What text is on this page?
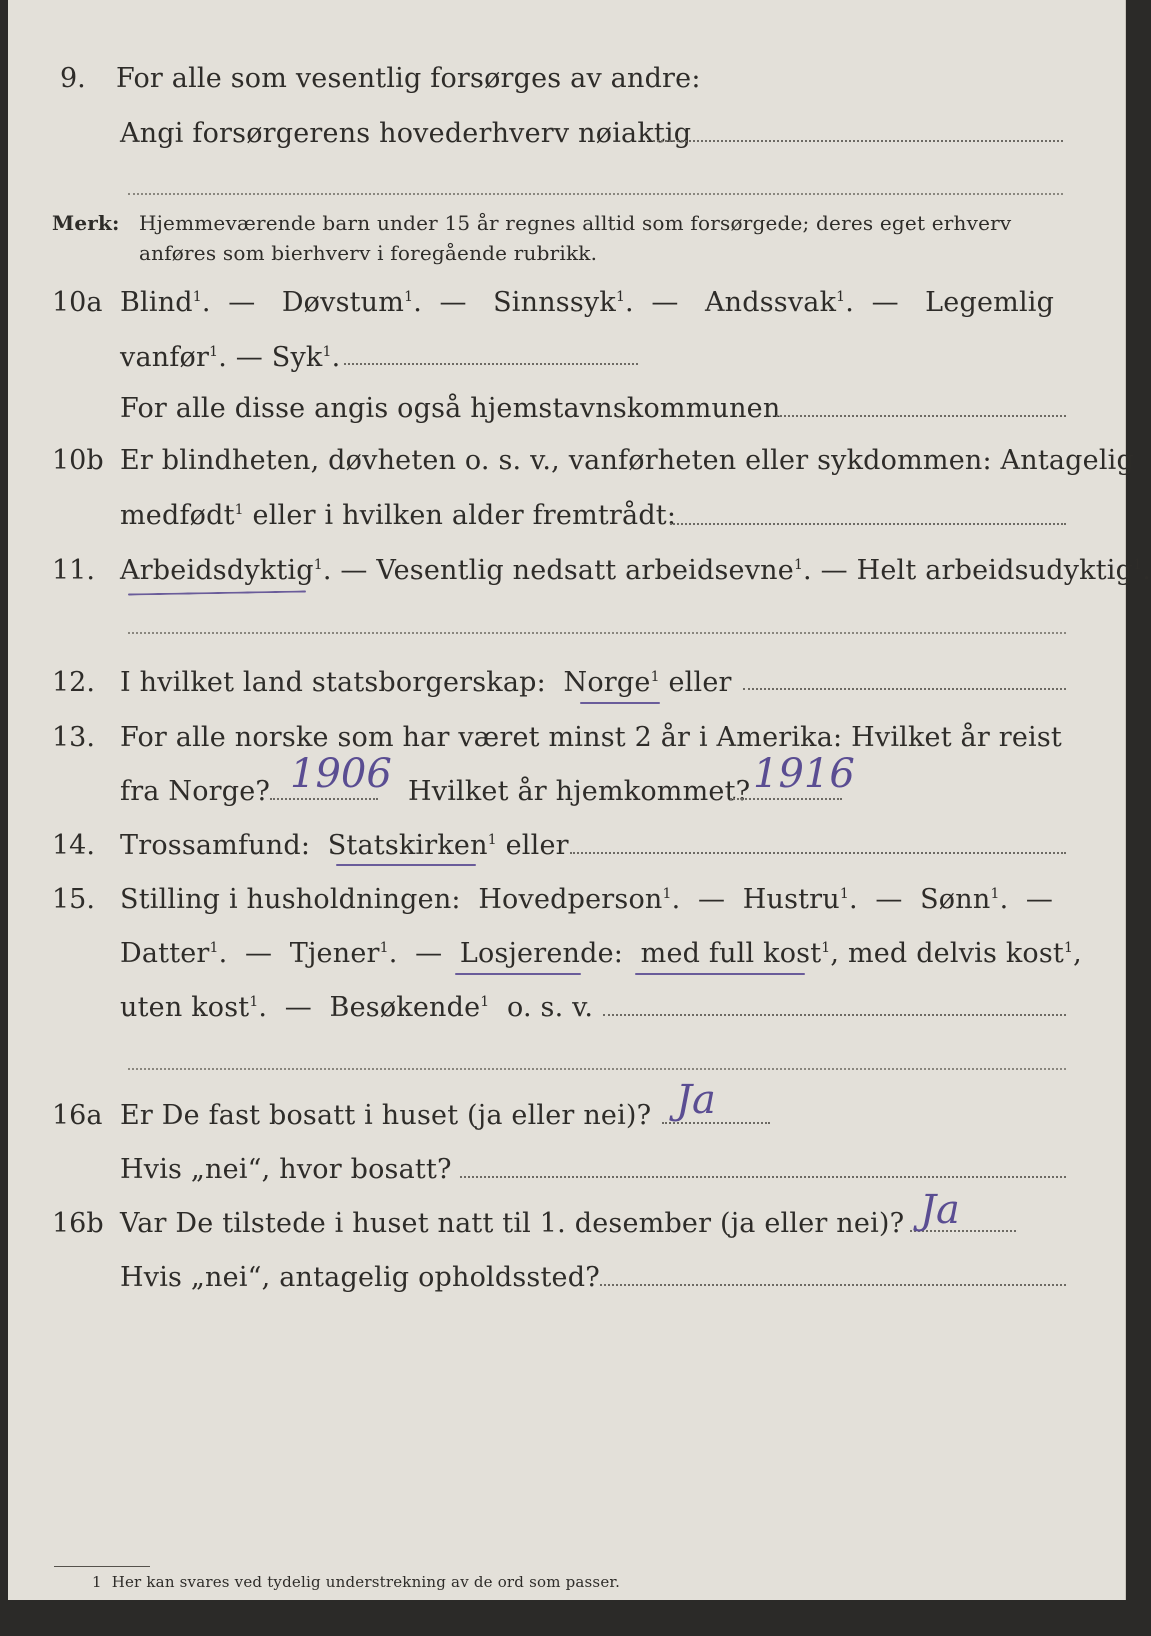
9. For alle som vesentlig forsørges av andre:
Angi forsørgerens hovederhverv nøiaktig
Merk: Hjemmeværende barn under 15 år regnes alltid som forsørgede; deres eget erhverv
anføres som bierhverv i foregående rubrikk.
10a Blind$^1$.  —   Døvstum$^1$.  —   Sinnssyk$^1$.  —   Andssvak$^1$.  —   Legemlig
vanfør$^1$. — Syk$^1$.
For alle disse angis også hjemstavnskommunen
10b Er blindheten, døvheten o. s. v., vanførheten eller sykdommen: Antagelig
medfødt$^1$ eller i hvilken alder fremtrådt:
11. Arbeidsdyktig$^1$. — Vesentlig nedsatt arbeidsevne$^1$. — Helt arbeidsudyktig$^1$.
12. I hvilket land statsborgerskap: Norge$^1$ eller
13. For alle norske som har været minst 2 år i Amerika: Hvilket år reist
fra Norge? 1906 Hvilket år hjemkommet? 1916
14. Trossamfund: Statskirken$^1$ eller
15. Stilling i husholdningen: Hovedperson$^1$.  —  Hustru$^1$.  —  Sønn$^1$.  —
Datter$^1$.  —  Tjener$^1$.  —  Losjerende: med full kost$^1$, med delvis kost$^1$,
uten kost$^1$.  —  Besøkende$^1$ o. s. v.
16a Er De fast bosatt i huset (ja eller nei)? Ja
Hvis „nei“, hvor bosatt?
16b Var De tilstede i huset natt til 1. desember (ja eller nei)? Ja
Hvis „nei“, antagelig opholdssted?
1 Her kan svares ved tydelig understrekning av de ord som passer.
